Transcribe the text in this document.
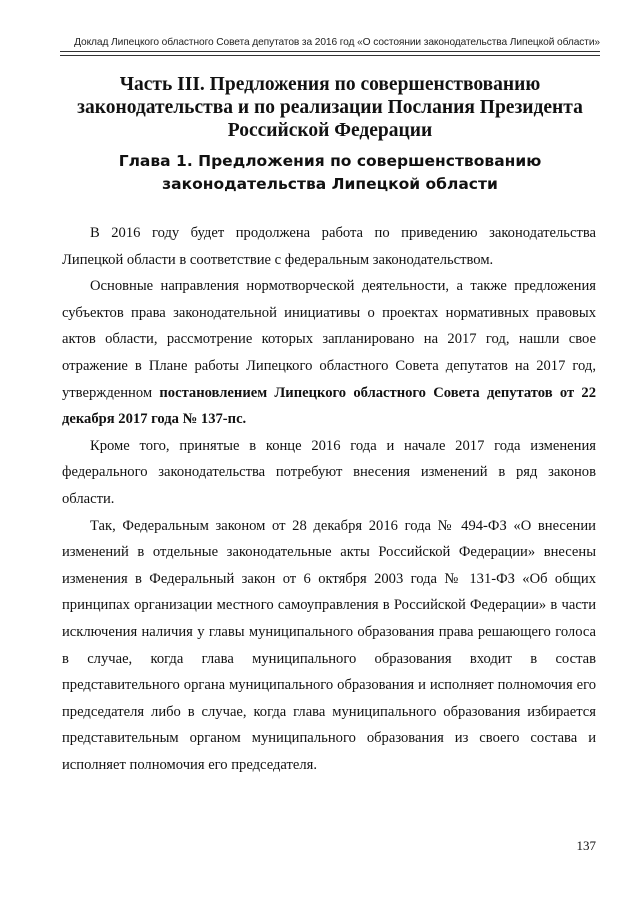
Доклад Липецкого областного Совета депутатов за 2016 год «О состоянии законодательства Липецкой области»
Часть III. Предложения по совершенствованию законодательства и по реализации Послания Президента Российской Федерации
Глава 1. Предложения по совершенствованию законодательства Липецкой области

В 2016 году будет продолжена работа по приведению законодательства Липецкой области в соответствие с федеральным законодательством.

Основные направления нормотворческой деятельности, а также предложения субъектов права законодательной инициативы о проектах нормативных правовых актов области, рассмотрение которых запланировано на 2017 год, нашли свое отражение в Плане работы Липецкого областного Совета депутатов на 2017 год, утвержденном постановлением Липецкого областного Совета депутатов от 22 декабря 2017 года № 137-пс.

Кроме того, принятые в конце 2016 года и начале 2017 года изменения федерального законодательства потребуют внесения изменений в ряд законов области.

Так, Федеральным законом от 28 декабря 2016 года № 494-ФЗ «О внесении изменений в отдельные законодательные акты Российской Федерации» внесены изменения в Федеральный закон от 6 октября 2003 года № 131-ФЗ «Об общих принципах организации местного самоуправления в Российской Федерации» в части исключения наличия у главы муниципального образования права решающего голоса в случае, когда глава муниципального образования входит в состав представительного органа муниципального образования и исполняет полномочия его председателя либо в случае, когда глава муниципального образования избирается представительным органом муниципального образования из своего состава и исполняет полномочия его председателя.

137
